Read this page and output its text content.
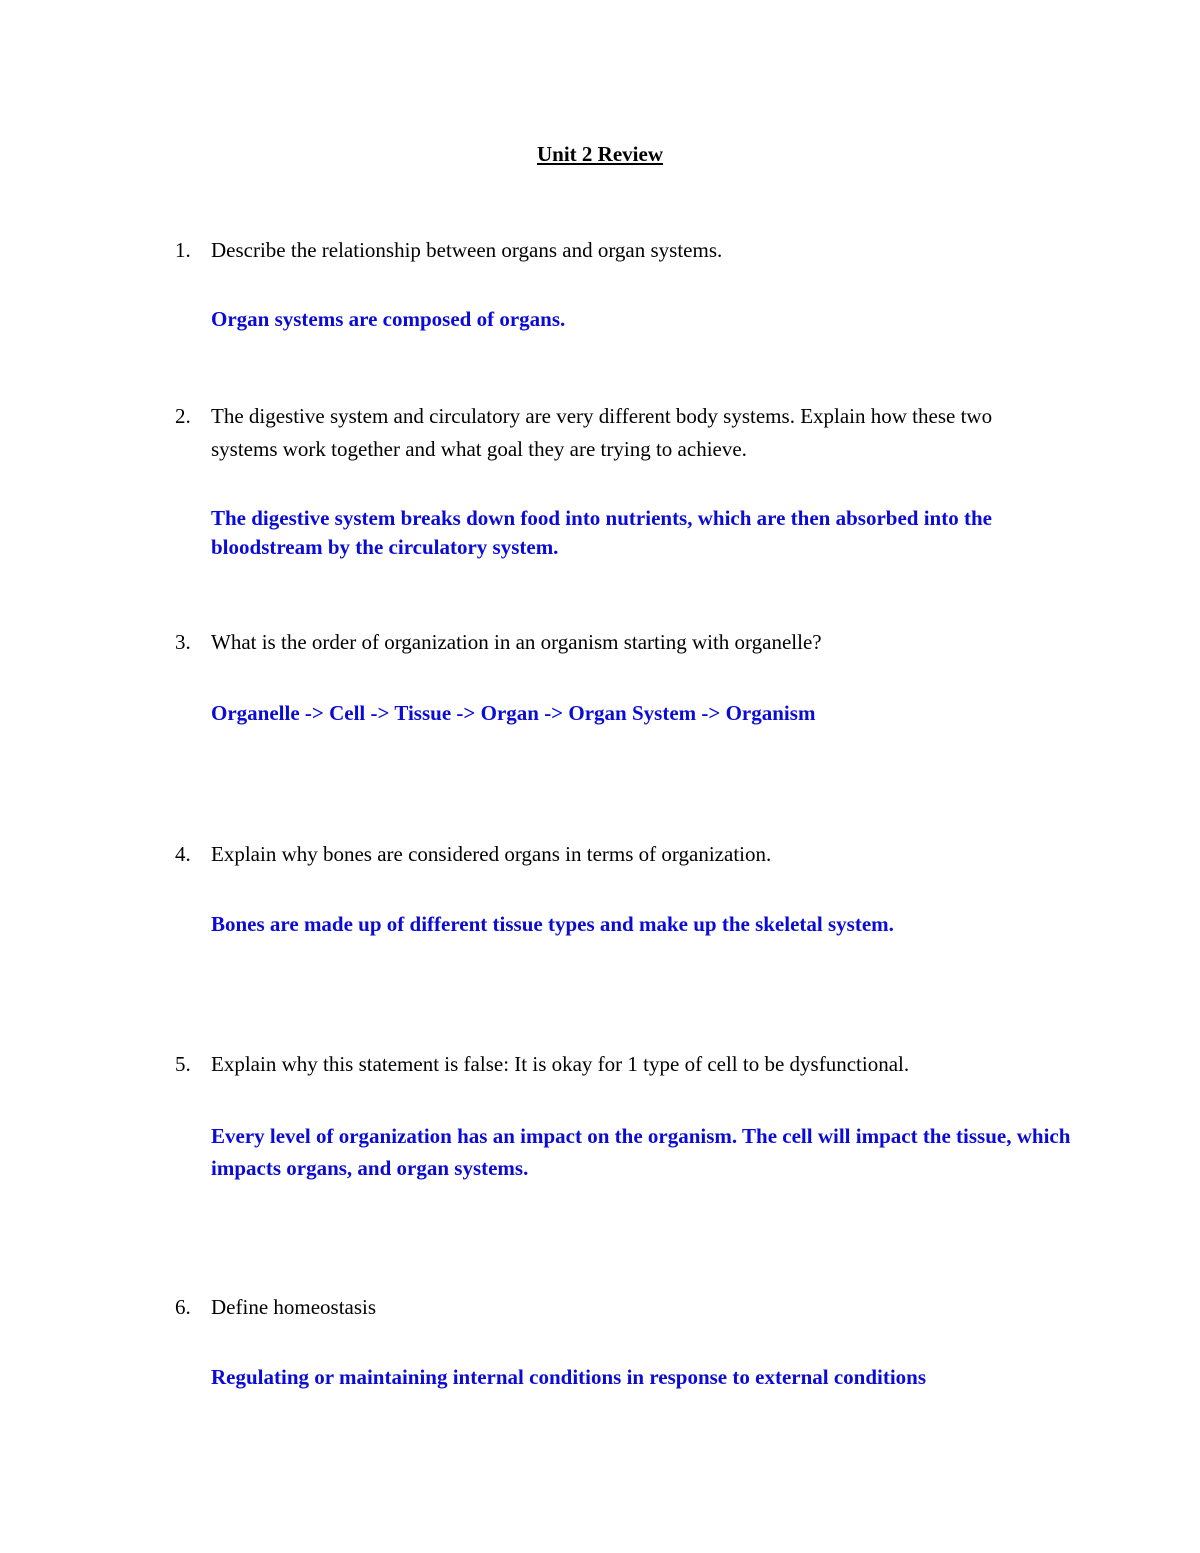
Unit 2 Review
1. Describe the relationship between organs and organ systems.
Organ systems are composed of organs.
2. The digestive system and circulatory are very different body systems. Explain how these two systems work together and what goal they are trying to achieve.
The digestive system breaks down food into nutrients, which are then absorbed into the bloodstream by the circulatory system.
3. What is the order of organization in an organism starting with organelle?
Organelle -> Cell -> Tissue -> Organ -> Organ System -> Organism
4. Explain why bones are considered organs in terms of organization.
Bones are made up of different tissue types and make up the skeletal system.
5. Explain why this statement is false: It is okay for 1 type of cell to be dysfunctional.
Every level of organization has an impact on the organism. The cell will impact the tissue, which impacts organs, and organ systems.
6. Define homeostasis
Regulating or maintaining internal conditions in response to external conditions
